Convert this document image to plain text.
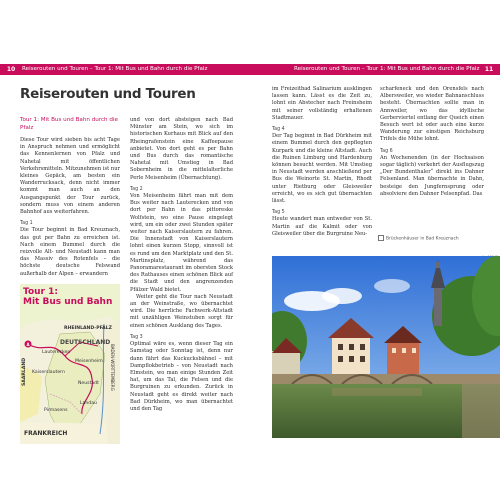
10	Reiserouten und Touren – Tour 1: Mit Bus und Bahn durch die Pfalz
Reiserouten und Touren
Tour 1: Mit Bus und Bahn durch die Pfalz

Diese Tour wird sieben bis acht Tage in Anspruch nehmen und ermöglicht das Kennenlernen von Pfalz und Nahetal mit öffentlichen Verkehrsmitteln. Mitzunehmen ist nur kleines Gepäck, am besten ein Wanderrucksack, denn nicht immer kommt man auch an den Ausgangspunkt der Tour zurück, sondern muss von einem anderen Bahnhof aus weiterfahren.

Tag 1

Die Tour beginnt in Bad Kreuznach, das gut per Bahn zu erreichen ist. Nach einem Bummel durch die reizvolle Alt- und Neustadt kann man das Massiv des Rotenfels – die höchste deutsche Felswand außerhalb der Alpen – erwandern

A
Tour 1:
Mit Bus und Bahn
RHEINLAND-PFALZ
DEUTSCHLAND
SAARLAND
FRANKREICH
BADEN-WÜRTTEMBERG
Kaiserslautern
Lauterecken
Neustadt
Landau
Pirmasens
Meisenheim

und von dort absteigen nach Bad Münster am Stein, wo sich im historischen Kurhaus mit Blick auf den Rheingrafenstein eine Kaffeepause anbietet. Von dort geht es per Bahn und Bus durch das romantische Nahetal mit Umstieg in Bad Sobernheim in die mittelalterliche Perle Meisenheim (Übernachtung).

Tag 2

Von Meisenheim fährt man mit dem Bus weiter nach Lauterecken und von dort per Bahn in das pittoreske Wolfstein, wo eine Pause eingelegt wird, um ein oder zwei Stunden später weiter nach Kaiserslautern zu fahren. Die Innenstadt von Kaiserslautern lohnt einen kurzen Stopp, sinnvoll ist es rund um den Marktplatz und den St. Martinsplatz, während das Panoramarestaurant im obersten Stock des Rathauses einen schönen Blick auf die Stadt und den angrenzenden Pfälzer Wald bietet.

Weiter geht die Tour nach Neustadt an der Weinstraße, wo übernachtet wird. Die herrliche Fachwerk-Altstadt mit unzähligen Weinstuben sorgt für einen schönen Ausklang des Tages.

Tag 3

Optimal wäre es, wenn dieser Tag ein Samstag oder Sonntag ist, denn nur dann fährt das Kuckucksbähnel – mit Dampflokbetrieb – von Neustadt nach Elmstein, wo man einige Stunden Zeit hat, um das Tal, die Felsen und die Burgruinen zu erkunden. Zurück in Neustadt geht es direkt weiter nach Bad Dürkheim, wo man übernachtet und den Tag

Reiserouten und Touren – Tour 1: Mit Bus und Bahn durch die Pfalz 11

im Freizeitbad Salinarium ausklingen lassen kann. Lässt es die Zeit zu, lohnt ein Abstecher nach Freinsheim mit seiner vollständig erhaltenen Stadtmauer.

Tag 4

Der Tag beginnt in Bad Dürkheim mit einem Bummel durch den gepflegten Kurpark und die kleine Altstadt. Auch die Ruinen Limburg und Hardenburg können besucht werden. Mit Umstieg in Neustadt werden anschließend per Bus die Weinorte St. Martin, Rhodt unter Rietburg oder Gleisweiler erreicht, wo es sich gut übernachten lässt.

Tag 5

Heute wandert man entweder von St. Martin auf die Kalmit oder von Gleisweiler über die Burgruine Neu-

scharfeneck und den Orensfels nach Albersweiler, wo wieder Bahnanschluss besteht. Übernachten sollte man in Annweiler, wo das idyllische Gerberviertel entlang der Queich einen Besuch wert ist oder auch eine kurze Wanderung zur einstigen Reichsburg Trifels die Mühe lohnt.

Tag 6

An Wochenenden (in der Hochsaison sogar täglich) verkehrt der Ausflugszug „Der Bundenthaler“ direkt ins Dahner Felsenland. Man übernachte in Dahn, besteige den Jungfernsprung oder absolviere den Dahner Felsenpfad. Das

Brückenhäuser in Bad Kreuznach
